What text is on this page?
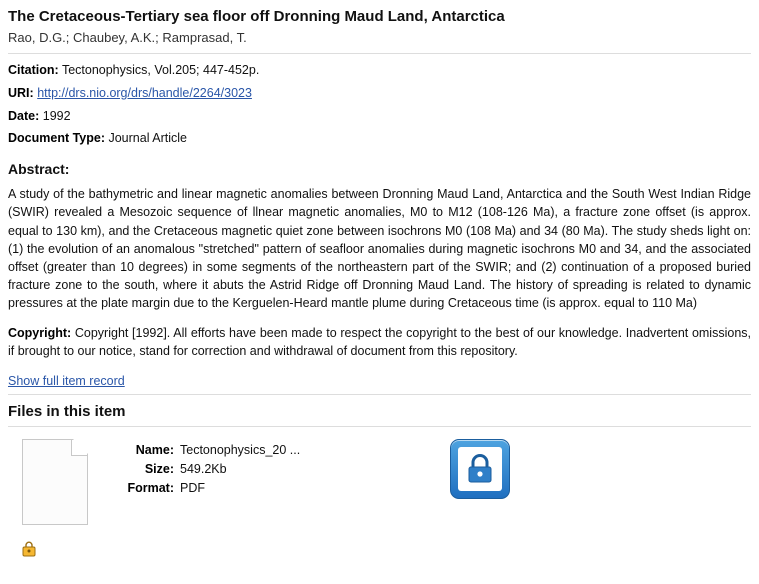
The Cretaceous-Tertiary sea floor off Dronning Maud Land, Antarctica
Rao, D.G.; Chaubey, A.K.; Ramprasad, T.
Citation: Tectonophysics, Vol.205; 447-452p.
URI: http://drs.nio.org/drs/handle/2264/3023
Date: 1992
Document Type: Journal Article
Abstract:
A study of the bathymetric and linear magnetic anomalies between Dronning Maud Land, Antarctica and the South West Indian Ridge (SWIR) revealed a Mesozoic sequence of llnear magnetic anomalies, M0 to M12 (108-126 Ma), a fracture zone offset (is approx. equal to 130 km), and the Cretaceous magnetic quiet zone between isochrons M0 (108 Ma) and 34 (80 Ma). The study sheds light on: (1) the evolution of an anomalous "stretched" pattern of seafloor anomalies during magnetic isochrons M0 and 34, and the associated offset (greater than 10 degrees) in some segments of the northeastern part of the SWIR; and (2) continuation of a proposed buried fracture zone to the south, where it abuts the Astrid Ridge off Dronning Maud Land. The history of spreading is related to dynamic pressures at the plate margin due to the Kerguelen-Heard mantle plume during Cretaceous time (is approx. equal to 110 Ma)
Copyright: Copyright [1992]. All efforts have been made to respect the copyright to the best of our knowledge. Inadvertent omissions, if brought to our notice, stand for correction and withdrawal of document from this repository.
Show full item record
Files in this item
Name: Tectonophysics_20 ...
Size: 549.2Kb
Format: PDF
